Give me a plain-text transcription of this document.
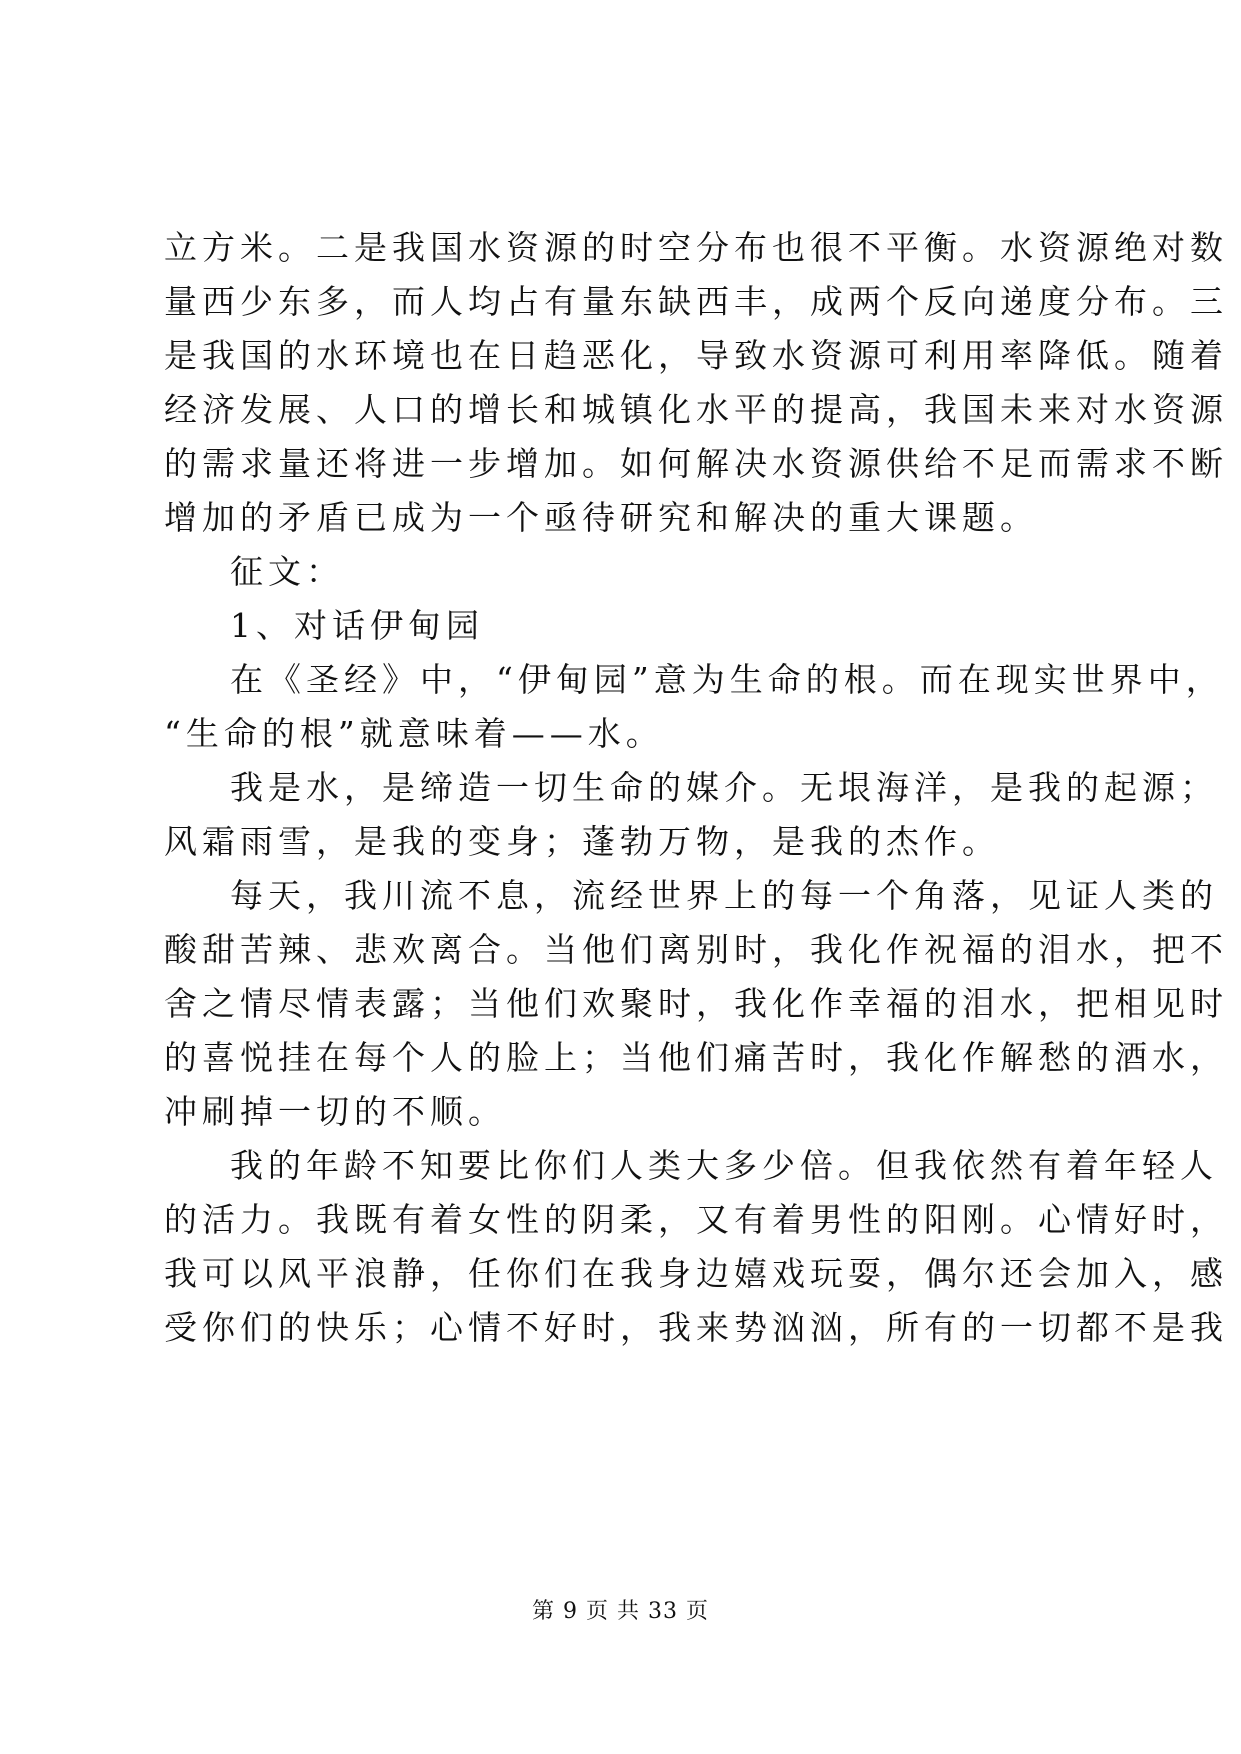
立方米。二是我国水资源的时空分布也很不平衡。水资源绝对数
量西少东多，而人均占有量东缺西丰，成两个反向递度分布。三
是我国的水环境也在日趋恶化，导致水资源可利用率降低。随着
经济发展、人口的增长和城镇化水平的提高，我国未来对水资源
的需求量还将进一步增加。如何解决水资源供给不足而需求不断
增加的矛盾已成为一个亟待研究和解决的重大课题。
征文：
1、对话伊甸园
在《圣经》中，“伊甸园”意为生命的根。而在现实世界中，
“生命的根”就意味着——水。
我是水，是缔造一切生命的媒介。无垠海洋，是我的起源；
风霜雨雪，是我的变身；蓬勃万物，是我的杰作。
每天，我川流不息，流经世界上的每一个角落，见证人类的
酸甜苦辣、悲欢离合。当他们离别时，我化作祝福的泪水，把不
舍之情尽情表露；当他们欢聚时，我化作幸福的泪水，把相见时
的喜悦挂在每个人的脸上；当他们痛苦时，我化作解愁的酒水，
冲刷掉一切的不顺。
我的年龄不知要比你们人类大多少倍。但我依然有着年轻人
的活力。我既有着女性的阴柔，又有着男性的阳刚。心情好时，
我可以风平浪静，任你们在我身边嬉戏玩耍，偶尔还会加入，感
受你们的快乐；心情不好时，我来势汹汹，所有的一切都不是我
第 9 页 共 33 页
